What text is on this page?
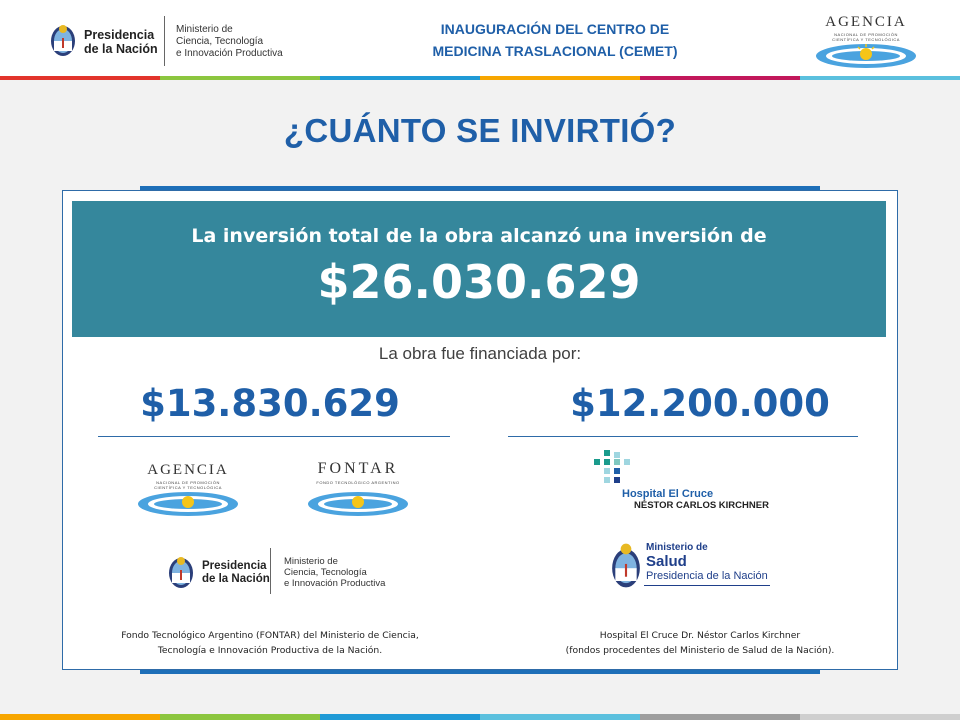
Presidencia
de la Nación
Ministerio de
Ciencia, Tecnología
e Innovación Productiva
INAUGURACIÓN DEL CENTRO DE
MEDICINA TRASLACIONAL (CEMET)
AGENCIA
NACIONAL DE PROMOCIÓN
CIENTÍFICA Y TECNOLÓGICA
¿CUÁNTO SE INVIRTIÓ?
La inversión total de la obra alcanzó una inversión de
$26.030.629
La obra fue financiada por:
$13.830.629
AGENCIA
NACIONAL DE PROMOCIÓN
CIENTÍFICA Y TECNOLÓGICA
FONTAR
FONDO TECNOLÓGICO ARGENTINO
Presidencia
de la Nación
Ministerio de
Ciencia, Tecnología
e Innovación Productiva
Fondo Tecnológico Argentino (FONTAR) del Ministerio de Ciencia,
Tecnología e Innovación Productiva de la Nación.
$12.200.000
Hospital El Cruce
NÉSTOR CARLOS KIRCHNER
Ministerio de
Salud
Presidencia de la Nación
Hospital El Cruce Dr. Néstor Carlos Kirchner
(fondos procedentes del Ministerio de Salud de la Nación).
